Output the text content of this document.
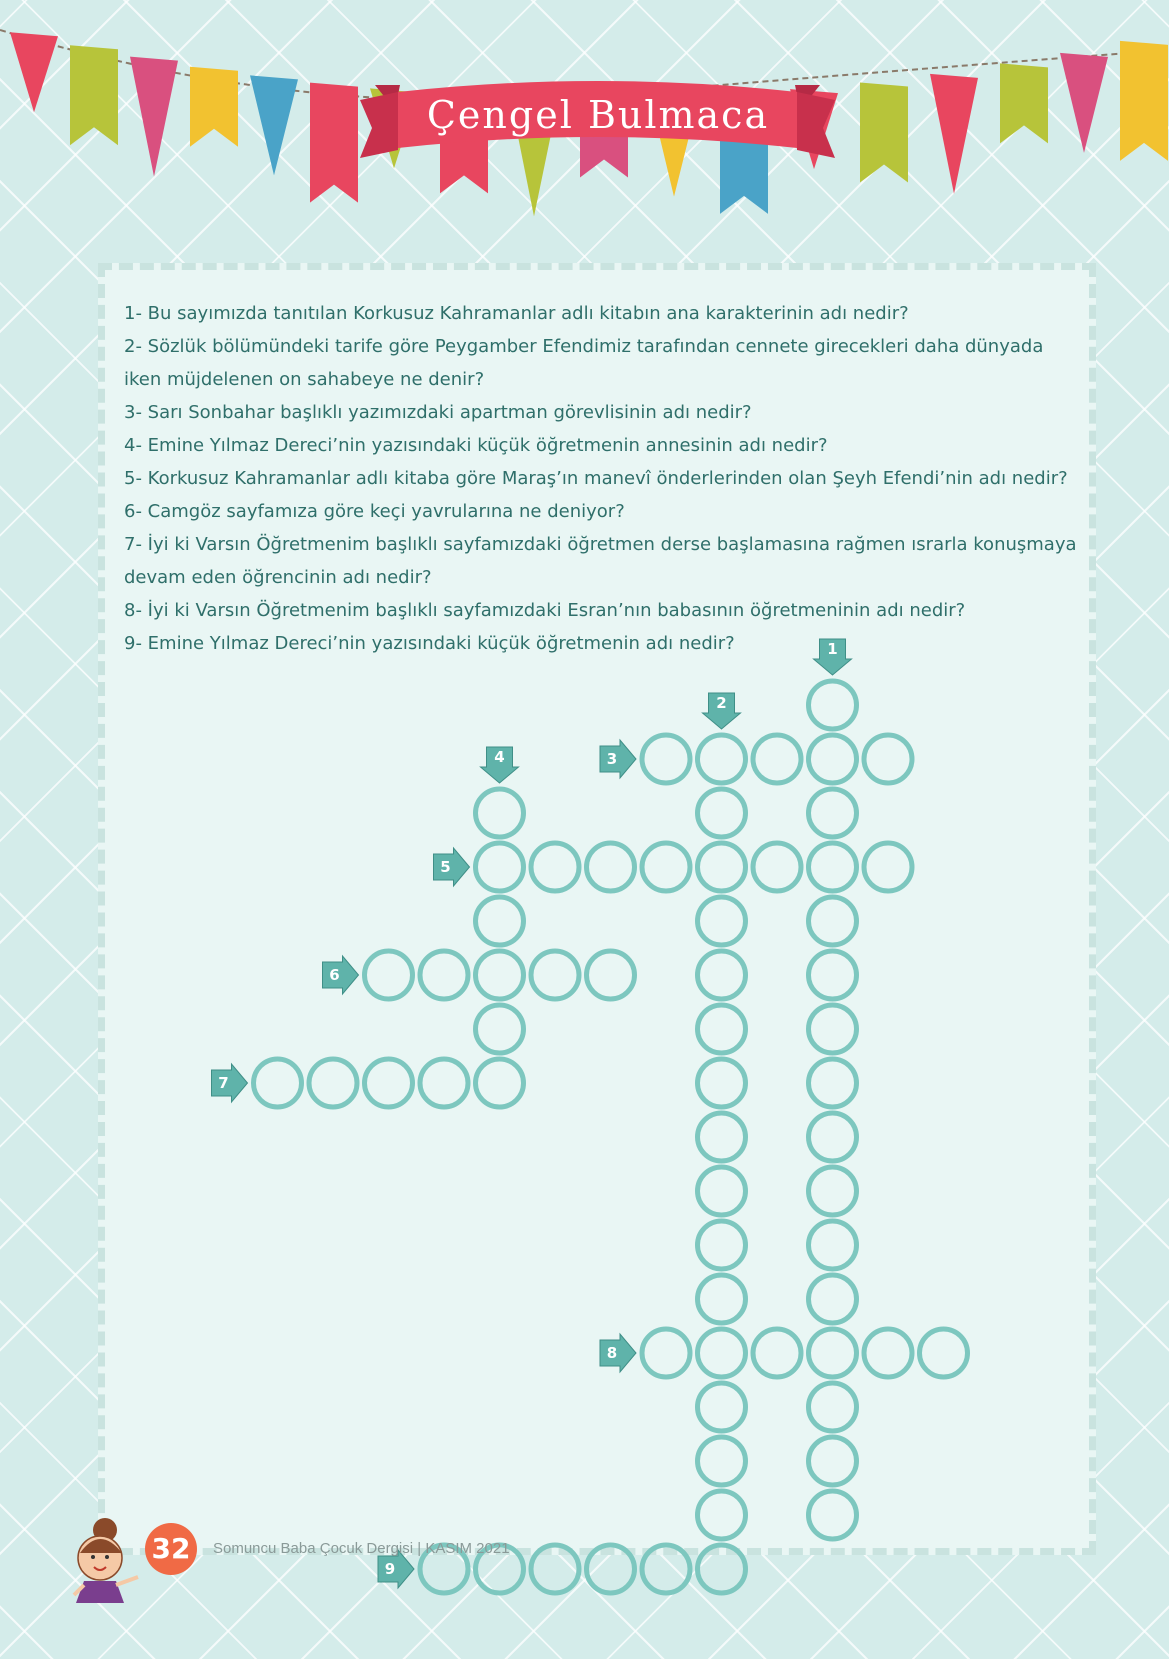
Çengel Bulmaca
1- Bu sayımızda tanıtılan Korkusuz Kahramanlar adlı kitabın ana karakterinin adı nedir?
2- Sözlük bölümündeki tarife göre Peygamber Efendimiz tarafından cennete girecekleri daha dünyada iken müjdelenen on sahabeye ne denir?
3- Sarı Sonbahar başlıklı yazımızdaki apartman görevlisinin adı nedir?
4- Emine Yılmaz Dereci’nin yazısındaki küçük öğretmenin annesinin adı nedir?
5- Korkusuz Kahramanlar adlı kitaba göre Maraş’ın manevî önderlerinden olan Şeyh Efendi’nin adı nedir?
6- Camgöz sayfamıza göre keçi yavrularına ne deniyor?
7- İyi ki Varsın Öğretmenim başlıklı sayfamızdaki öğretmen derse başlamasına rağmen ısrarla konuşmaya devam eden öğrencinin adı nedir?
8- İyi ki Varsın Öğretmenim başlıklı sayfamızdaki Esran’nın babasının öğretmeninin adı nedir?
9- Emine Yılmaz Dereci’nin yazısındaki küçük öğretmenin adı nedir?	1
2
3
4
5
6
7
8
9
32	Somuncu Baba Çocuk Dergisi | KASIM 2021
